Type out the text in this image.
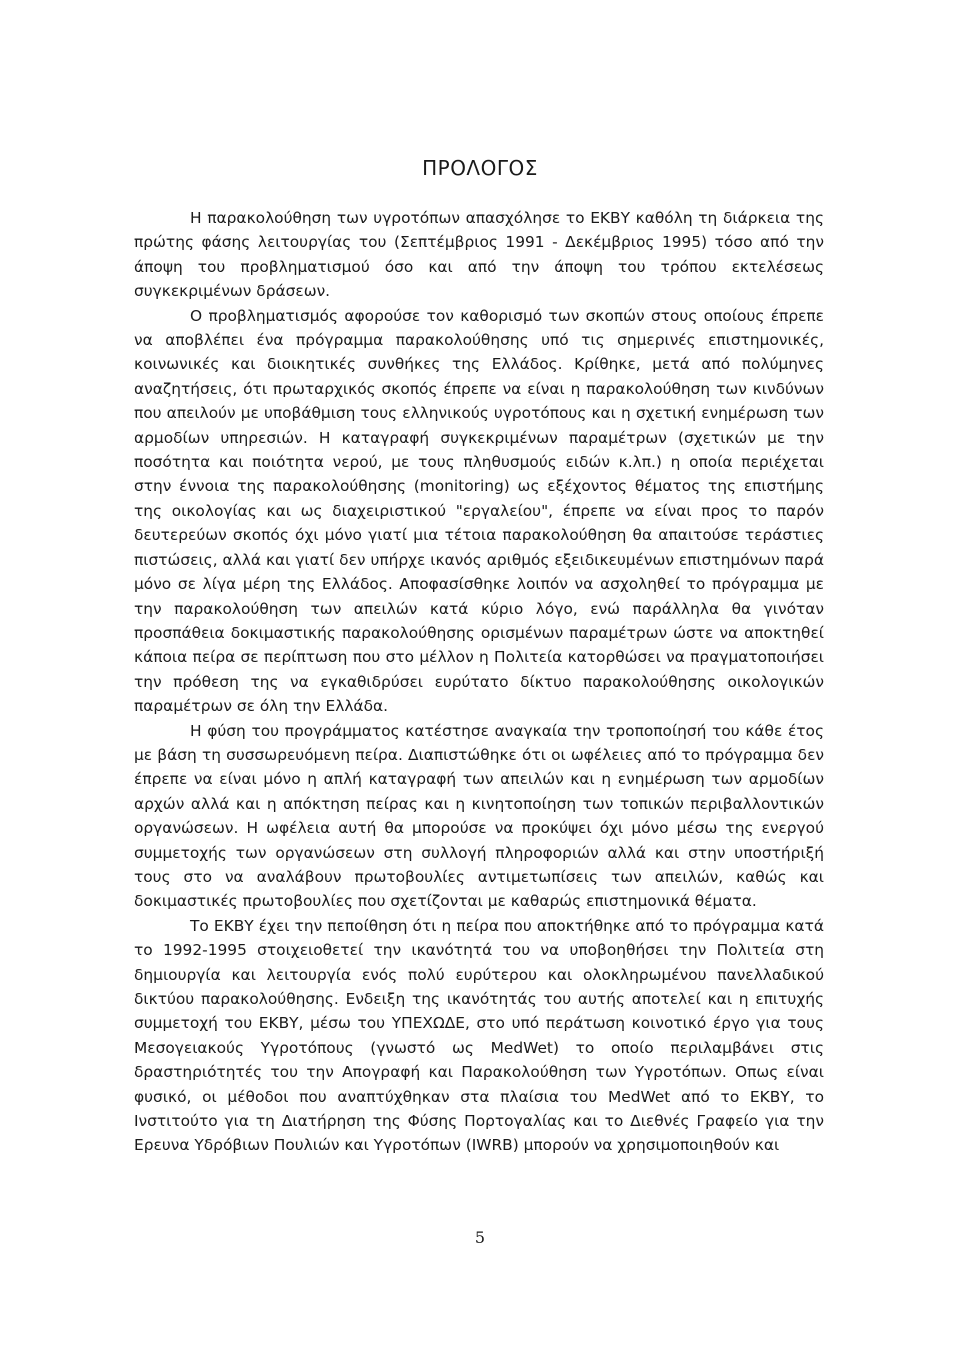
ΠΡΟΛΟΓΟΣ

Η παρακολούθηση των υγροτόπων απασχόλησε το ΕΚΒΥ καθόλη τη διάρκεια της πρώτης φάσης λειτουργίας του (Σεπτέμβριος 1991 - Δεκέμβριος 1995) τόσο από την άποψη του προβληματισμού όσο και από την άποψη του τρόπου εκτελέσεως συγκεκριμένων δράσεων.

Ο προβληματισμός αφορούσε τον καθορισμό των σκοπών στους οποίους έπρεπε να αποβλέπει ένα πρόγραμμα παρακολούθησης υπό τις σημερινές επιστημονικές, κοινωνικές και διοικητικές συνθήκες της Ελλάδος. Κρίθηκε, μετά από πολύμηνες αναζητήσεις, ότι πρωταρχικός σκοπός έπρεπε να είναι η παρακολούθηση των κινδύνων που απειλούν με υποβάθμιση τους ελληνικούς υγροτόπους και η σχετική ενημέρωση των αρμοδίων υπηρεσιών. Η καταγραφή συγκεκριμένων παραμέτρων (σχετικών με την ποσότητα και ποιότητα νερού, με τους πληθυσμούς ειδών κ.λπ.) η οποία περιέχεται στην έννοια της παρακολούθησης (monitoring) ως εξέχοντος θέματος της επιστήμης της οικολογίας και ως διαχειριστικού "εργαλείου", έπρεπε να είναι προς το παρόν δευτερεύων σκοπός όχι μόνο γιατί μια τέτοια παρακολούθηση θα απαιτούσε τεράστιες πιστώσεις, αλλά και γιατί δεν υπήρχε ικανός αριθμός εξειδικευμένων επιστημόνων παρά μόνο σε λίγα μέρη της Ελλάδος. Αποφασίσθηκε λοιπόν να ασχοληθεί το πρόγραμμα με την παρακολούθηση των απειλών κατά κύριο λόγο, ενώ παράλληλα θα γινόταν προσπάθεια δοκιμαστικής παρακολούθησης ορισμένων παραμέτρων ώστε να αποκτηθεί κάποια πείρα σε περίπτωση που στο μέλλον η Πολιτεία κατορθώσει να πραγματοποιήσει την πρόθεση της να εγκαθιδρύσει ευρύτατο δίκτυο παρακολούθησης οικολογικών παραμέτρων σε όλη την Ελλάδα.

Η φύση του προγράμματος κατέστησε αναγκαία την τροποποίησή του κάθε έτος με βάση τη συσσωρευόμενη πείρα. Διαπιστώθηκε ότι οι ωφέλειες από το πρόγραμμα δεν έπρεπε να είναι μόνο η απλή καταγραφή των απειλών και η ενημέρωση των αρμοδίων αρχών αλλά και η απόκτηση πείρας και η κινητοποίηση των τοπικών περιβαλλοντικών οργανώσεων. Η ωφέλεια αυτή θα μπορούσε να προκύψει όχι μόνο μέσω της ενεργού συμμετοχής των οργανώσεων στη συλλογή πληροφοριών αλλά και στην υποστήριξή τους στο να αναλάβουν πρωτοβουλίες αντιμετωπίσεις των απειλών, καθώς και δοκιμαστικές πρωτοβουλίες που σχετίζονται με καθαρώς επιστημονικά θέματα.

Το ΕΚΒΥ έχει την πεποίθηση ότι η πείρα που αποκτήθηκε από το πρόγραμμα κατά το 1992-1995 στοιχειοθετεί την ικανότητά του να υποβοηθήσει την Πολιτεία στη δημιουργία και λειτουργία ενός πολύ ευρύτερου και ολοκληρωμένου πανελλαδικού δικτύου παρακολούθησης. Ενδειξη της ικανότητάς του αυτής αποτελεί και η επιτυχής συμμετοχή του ΕΚΒΥ, μέσω του ΥΠΕΧΩΔΕ, στο υπό περάτωση κοινοτικό έργο για τους Μεσογειακούς Υγροτόπους (γνωστό ως MedWet) το οποίο περιλαμβάνει στις δραστηριότητές του την Απογραφή και Παρακολούθηση των Υγροτόπων. Οπως είναι φυσικό, οι μέθοδοι που αναπτύχθηκαν στα πλαίσια του MedWet από το ΕΚΒΥ, το Ινστιτούτο για τη Διατήρηση της Φύσης Πορτογαλίας και το Διεθνές Γραφείο για την Ερευνα Υδρόβιων Πουλιών και Υγροτόπων (IWRB) μπορούν να χρησιμοποιηθούν και

5
